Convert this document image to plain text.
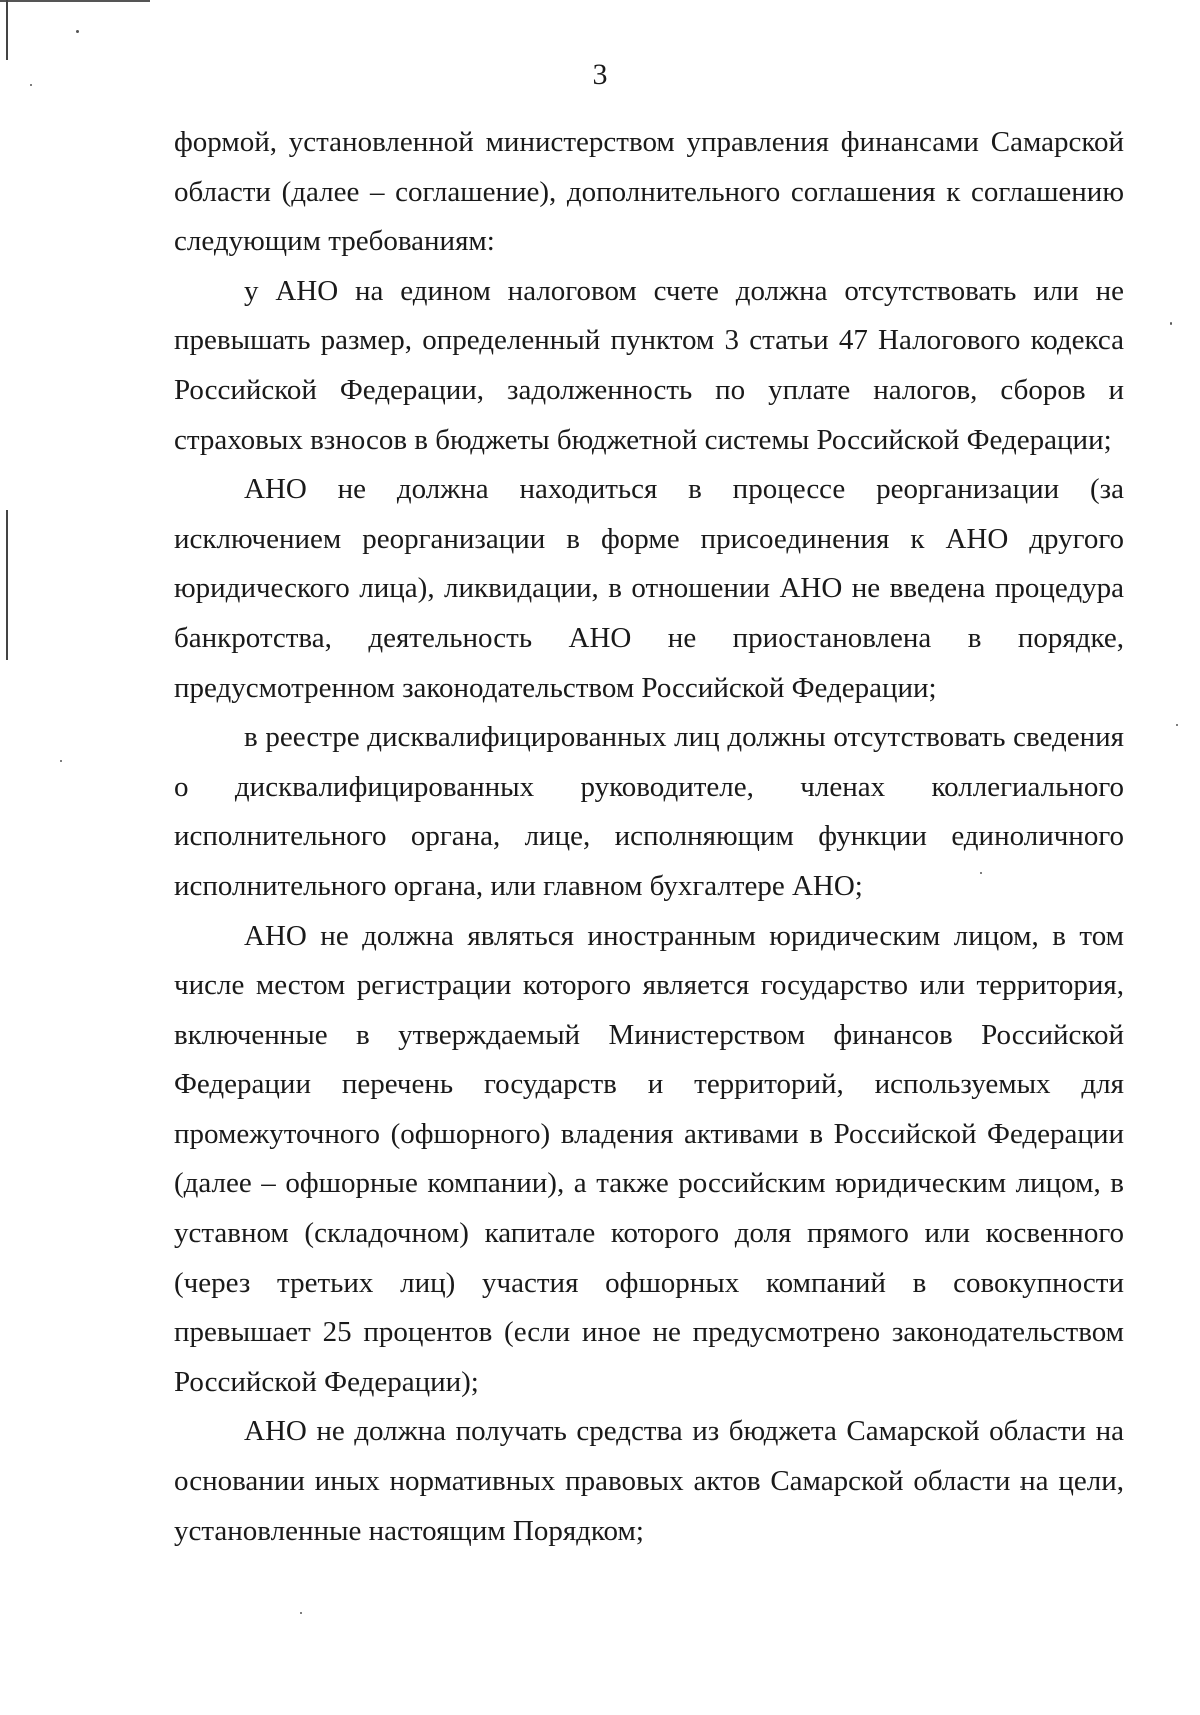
3

формой, установленной министерством управления финансами Самарской области (далее – соглашение), дополнительного соглашения к соглашению следующим требованиям:

у АНО на едином налоговом счете должна отсутствовать или не превышать размер, определенный пунктом 3 статьи 47 Налогового кодекса Российской Федерации, задолженность по уплате налогов, сборов и страховых взносов в бюджеты бюджетной системы Российской Федерации;

АНО не должна находиться в процессе реорганизации (за исключением реорганизации в форме присоединения к АНО другого юридического лица), ликвидации, в отношении АНО не введена процедура банкротства, деятельность АНО не приостановлена в порядке, предусмотренном законодательством Российской Федерации;

в реестре дисквалифицированных лиц должны отсутствовать сведения о дисквалифицированных руководителе, членах коллегиального исполнительного органа, лице, исполняющим функции единоличного исполнительного органа, или главном бухгалтере АНО;

АНО не должна являться иностранным юридическим лицом, в том числе местом регистрации которого является государство или территория, включенные в утверждаемый Министерством финансов Российской Федерации перечень государств и территорий, используемых для промежуточного (офшорного) владения активами в Российской Федерации (далее – офшорные компании), а также российским юридическим лицом, в уставном (складочном) капитале которого доля прямого или косвенного (через третьих лиц) участия офшорных компаний в совокупности превышает 25 процентов (если иное не предусмотрено законодательством Российской Федерации);

АНО не должна получать средства из бюджета Самарской области на основании иных нормативных правовых актов Самарской области на цели, установленные настоящим Порядком;
